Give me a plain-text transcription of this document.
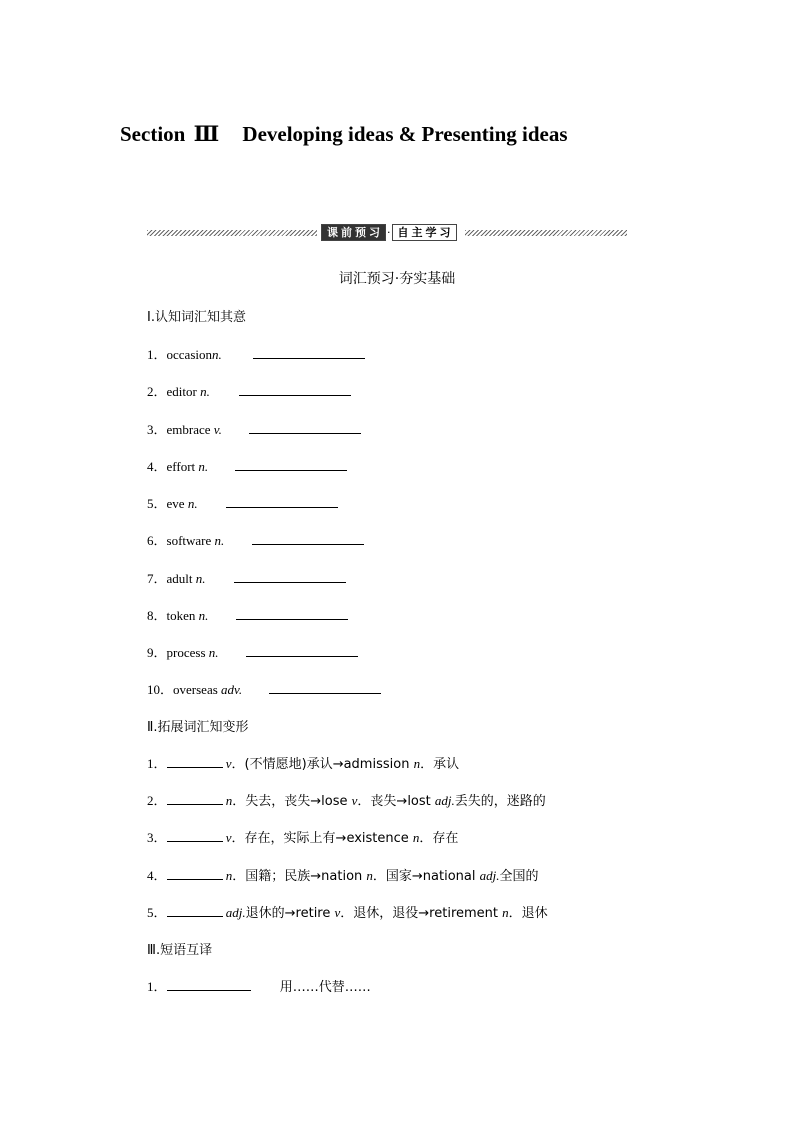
Section Ⅲ Developing ideas & Presenting ideas
课前预习 · 自主学习
词汇预习·夯实基础
Ⅰ.认知词汇知其意
1．occasionn.
2．editor n.
3．embrace v.
4．effort n.
5．eve n.
6．software n.
7．adult n.
8．token n.
9．process n.
10．overseas adv.
Ⅱ.拓展词汇知变形
1．	v．(不情愿地)承认→admission n．承认
2．	n．失去，丧失→lose v．丧失→lost adj.丢失的，迷路的
3．	v．存在，实际上有→existence n．存在
4．	n．国籍；民族→nation n．国家→national adj.全国的
5．	adj.退休的→retire v．退休，退役→retirement n．退休
Ⅲ.短语互译
1．	用……代替……
